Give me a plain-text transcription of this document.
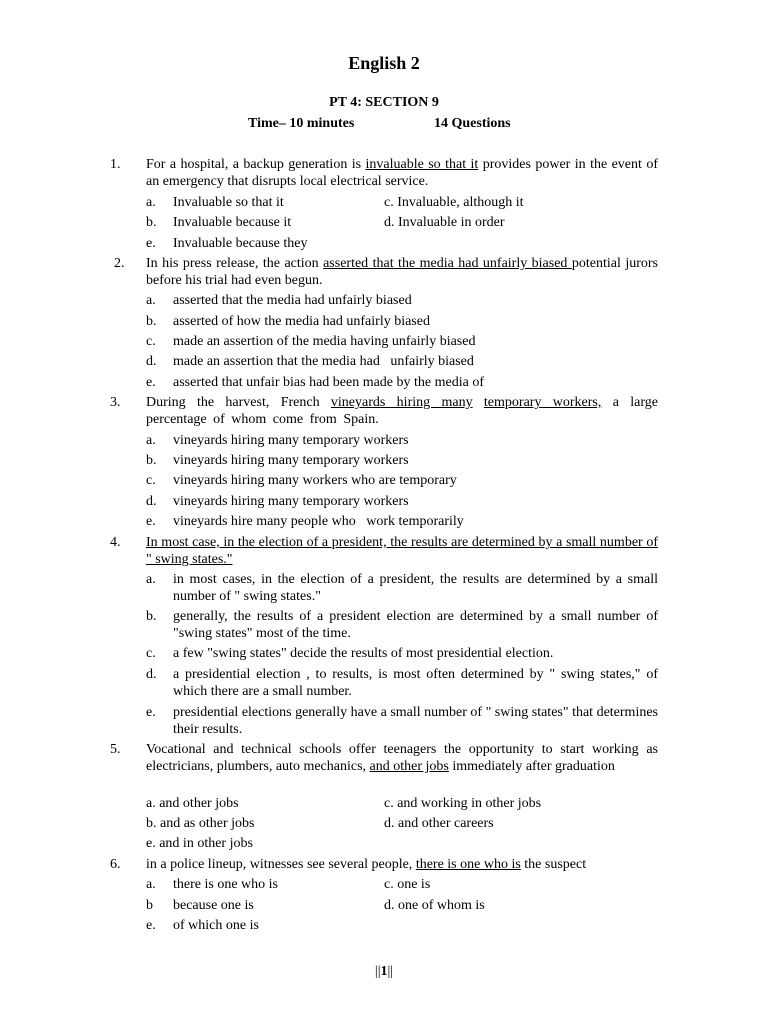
English 2
PT 4: SECTION 9
Time– 10 minutes	14 Questions
1. For a hospital, a backup generation is invaluable so that it provides power in the event of an emergency that disrupts local electrical service.
a. Invaluable so that it	c. Invaluable, although it
b. Invaluable because it	d. Invaluable in order
e. Invaluable because they
2. In his press release, the action asserted that the media had unfairly biased potential jurors before his trial had even begun.
a. asserted that the media had unfairly biased
b. asserted of how the media had unfairly biased
c. made an assertion of the media having unfairly biased
d. made an assertion that the media had   unfairly biased
e. asserted that unfair bias had been made by the media of
3. During the harvest, French vineyards hiring many temporary workers, a large percentage of whom come from Spain.
a. vineyards hiring many temporary workers
b. vineyards hiring many temporary workers
c. vineyards hiring many workers who are temporary
d. vineyards hiring many temporary workers
e. vineyards hire many people who   work temporarily
4. In most case, in the election of a president, the results are determined by a small number of " swing states."
a. in most cases, in the election of a president, the results are determined by a small number of " swing states."
b. generally, the results of a president election are determined by a small number of "swing states" most of the time.
c. a few "swing states" decide the results of most presidential election.
d. a presidential election , to results, is most often determined by " swing states," of which there are a small number.
e. presidential elections generally have a small number of " swing states" that determines their results.
5. Vocational and technical schools offer teenagers the opportunity to start working as electricians, plumbers, auto mechanics, and other jobs immediately after graduation
a. and other jobs	c. and working in other jobs
b. and as other jobs	d. and other careers
e. and in other jobs
6. in a police lineup, witnesses see several people, there is one who is the suspect
a. there is one who is	c. one is
b because one is	d. one of whom is
e. of which one is
||1||
